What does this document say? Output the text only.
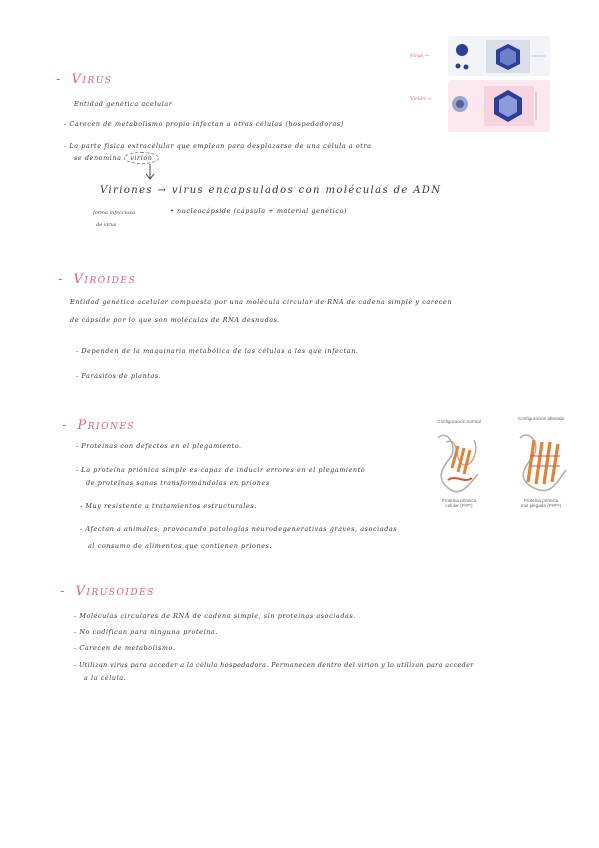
- Virus
Entidad genética acelular
- Carecen de metabolismo propio infectan a otras células (hospedadoras)
- La parte física extracelular que emplean para desplazarse de una célula a otra
se denomina virión
Viriones → virus encapsulados con moléculas de ADN
• nucleocápside (cápsula + material genético)
forma infecciosa
de virus
Virus →
Virión →
- Viroides
Entidad genética acelular compuesta por una molécula circular de RNA de cadena simple y carecen
de cápside por lo que son moléculas de RNA desnudas.
- Dependen de la maquinaria metabólica de las células a las que infectan.
- Parásitos de plantas.
- Priones
- Proteínas con defectos en el plegamiento.
- La proteína priónica simple es capaz de inducir errores en el plegamiento
de proteínas sanas transformándolas en priones
- Muy resistente a tratamientos estructurales.
- Afectan a animales, provocando patologías neurodegenerativas graves, asociadas
al consumo de alimentos que contienen priones.
Configuración normal
Configuración alterada
Proteína priónica
celular (PrPᶜ)
Proteína priónica
mal plegada (PrPˢᶜ)
- Virusoides
- Moléculas circulares de RNA de cadena simple, sin proteínas asociadas.
- No codifican para ninguna proteína.
- Carecen de metabolismo.
- Utilizan virus para acceder a la célula hospedadora. Permanecen dentro del virión y lo utilizan para acceder
a la célula.
